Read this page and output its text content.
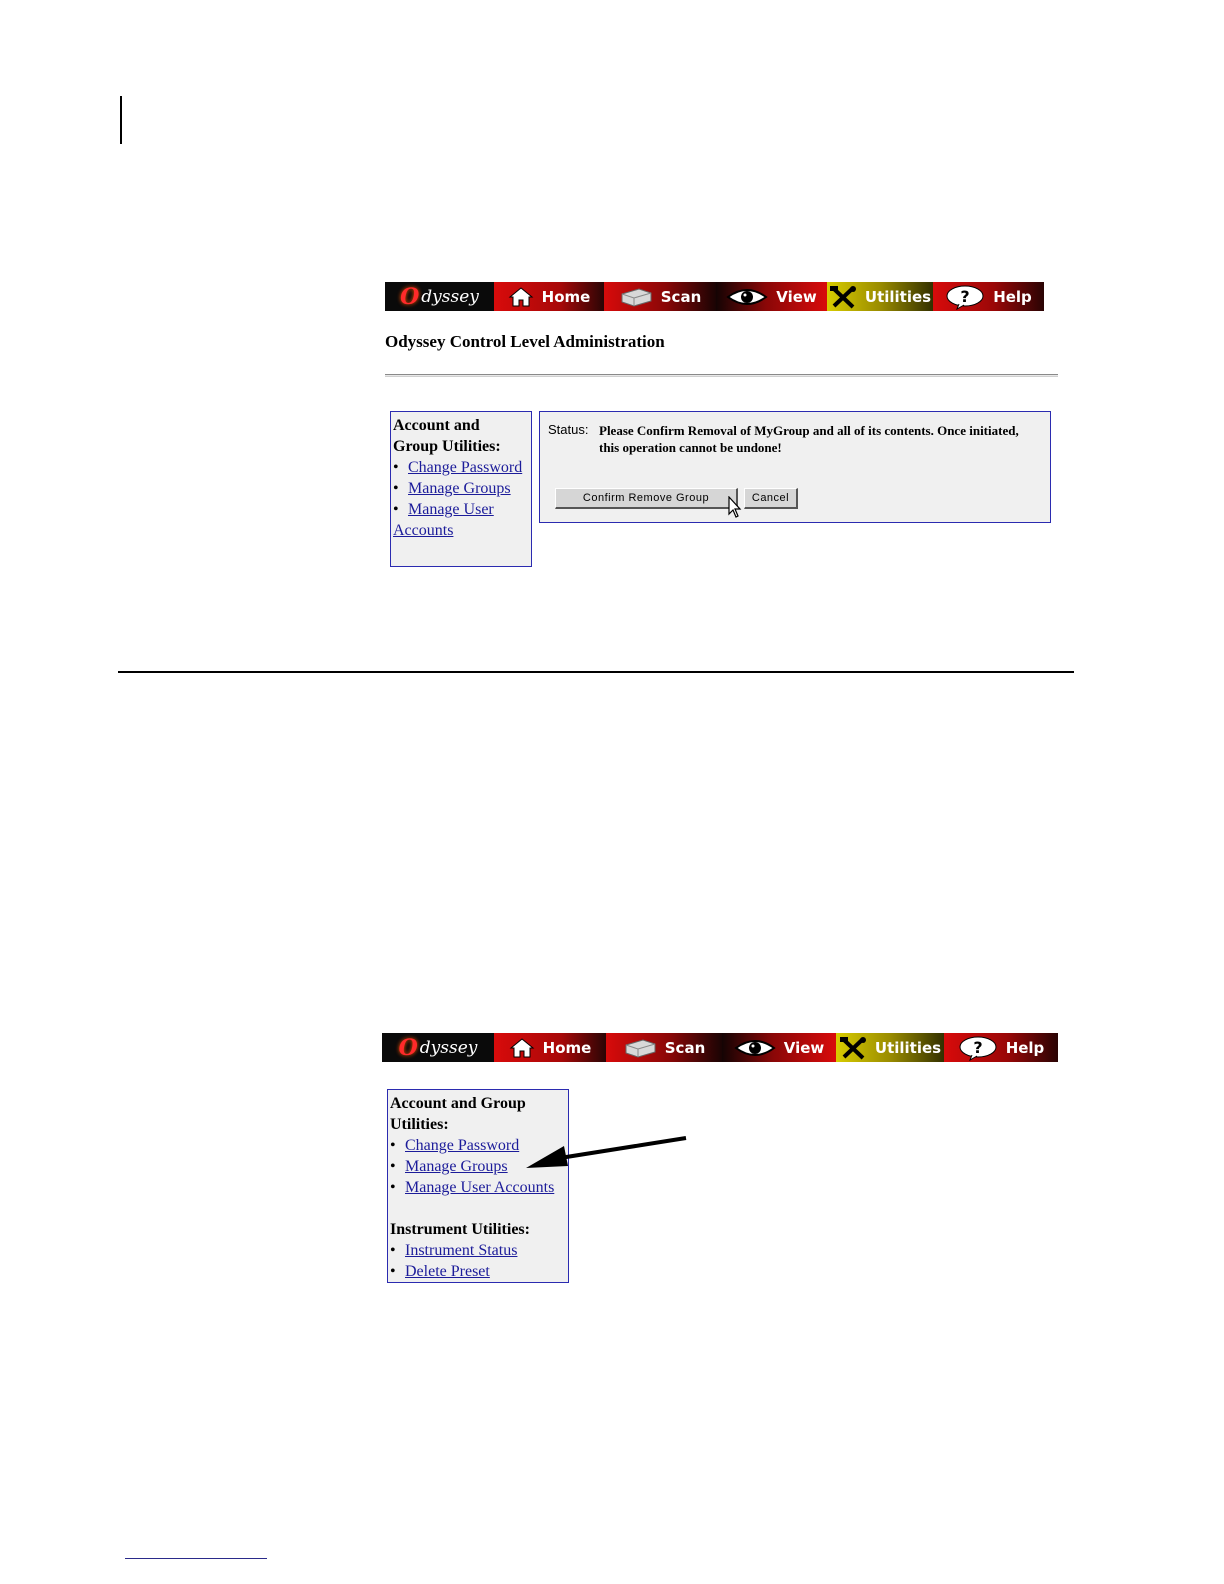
O dyssey	Home	Scan	View	Utilities ? Help
Odyssey Control Level Administration
Account and
Group Utilities:
• Change Password
• Manage Groups
• Manage User
Accounts
Status: Please Confirm Removal of MyGroup and all of its contents. Once initiated, this operation cannot be undone!
Confirm Remove Group	Cancel
O dyssey	Home	Scan	View	Utilities ? Help
Account and Group
Utilities:
• Change Password
• Manage Groups
• Manage User Accounts
Instrument Utilities:
• Instrument Status
• Delete Preset
